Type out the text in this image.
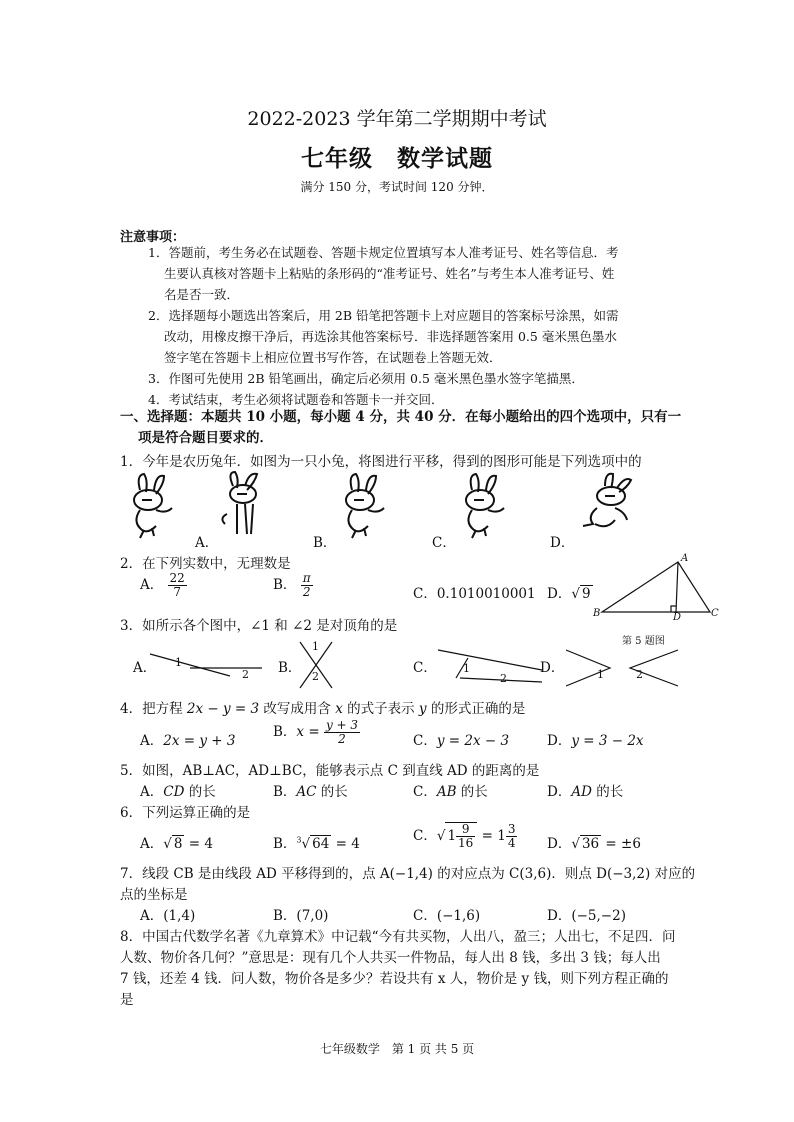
2022-2023 学年第二学期期中考试
七年级　数学试题
满分 150 分，考试时间 120 分钟．
注意事项：
1．答题前，考生务必在试题卷、答题卡规定位置填写本人准考证号、姓名等信息．考
生要认真核对答题卡上粘贴的条形码的“准考证号、姓名”与考生本人准考证号、姓
名是否一致．
2．选择题每小题选出答案后，用 2B 铅笔把答题卡上对应题目的答案标号涂黑，如需
改动，用橡皮擦干净后，再选涂其他答案标号．非选择题答案用 0.5 毫米黑色墨水
签字笔在答题卡上相应位置书写作答，在试题卷上答题无效．
3．作图可先使用 2B 铅笔画出，确定后必须用 0.5 毫米黑色墨水签字笔描黑．
4．考试结束，考生必须将试题卷和答题卡一并交回．
一、选择题：本题共 10 小题，每小题 4 分，共 40 分．在每小题给出的四个选项中，只有一
项是符合题目要求的．
1．今年是农历兔年．如图为一只小兔，将图进行平移，得到的图形可能是下列选项中的
A．	B．	C．	D．
2．在下列实数中，无理数是
A． $\frac{22}{7}$	B． $\frac{\pi}{2}$	C．0.1010010001 D．√ 9
A
B	D	C
第 5 题图
3．如所示各个图中，∠1 和 ∠2 是对顶角的是
A． 1
2 B．
1
2
C． 1
2
D．	1	2
4．把方程 2x − y = 3 改写成用含 x 的式子表示 y 的形式正确的是
A．2x = y + 3
B．$x = \frac{y + 3}{2}$	C．y = 2x − 3	D．y = 3 − 2x
5．如图，AB⊥AC，AD⊥BC，能够表示点 C 到直线 AD 的距离的是
A．CD 的长	B．AC 的长	C．AB 的长	D．AD 的长
6．下列运算正确的是
A．√ 8 = 4	B．$^3$√ 64 = 4	C．√ $1 \frac{9}{16} = 1 \frac{3}{4}$ D．√ 36 = ±6
7．线段 CB 是由线段 AD 平移得到的，点 A(−1,4) 的对应点为 C(3,6)．则点 D(−3,2) 对应的
点的坐标是
A．(1,4)	B．(7,0)	C．(−1,6)	D．(−5,−2)
8．中国古代数学名著《九章算术》中记载“今有共买物，人出八，盈三；人出七，不足四．问
人数、物价各几何？”意思是：现有几个人共买一件物品，每人出 8 钱，多出 3 钱；每人出
7 钱，还差 4 钱．问人数，物价各是多少？若设共有 x 人，物价是 y 钱，则下列方程正确的
是
七年级数学　第 1 页 共 5 页
